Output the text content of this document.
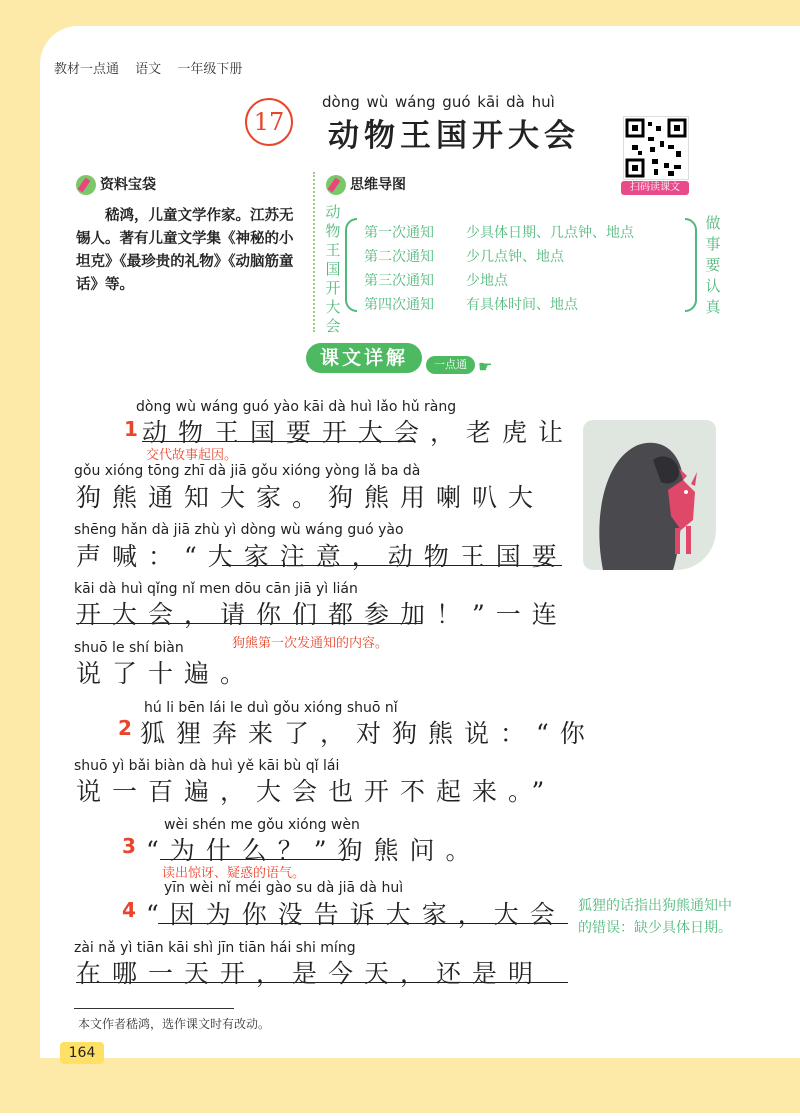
教材一点通 语文 一年级下册
17
dòng wù wáng guó kāi dà huì
动物王国开大会
扫码读课文
资料宝袋
嵇鸿，儿童文学作家。江苏无锡人。著有儿童文学集《神秘的小坦克》《最珍贵的礼物》《动脑筋童话》等。
思维导图
动
物
王
国
开
大
会
第一次通知 少具体日期、几点钟、地点
第二次通知 少几点钟、地点
第三次通知 少地点
第四次通知 有具体时间、地点
做
事
要
认
真
课文详解	一点通 ☛
1
dòng wù wáng guó yào kāi dà huì lǎo hǔ ràng
动物王国要开大会，老虎让
交代故事起因。
gǒu xióng tōng zhī dà jiā gǒu xióng yòng lǎ ba dà
狗熊通知大家。狗熊用喇叭大
shēng hǎn dà jiā zhù yì dòng wù wáng guó yào
声喊：“大家注意，动物王国要
kāi dà huì qǐng nǐ men dōu cān jiā yì lián
开大会，请你们都参加！”一连
狗熊第一次发通知的内容。
shuō le shí biàn
说了十遍。
2
hú li bēn lái le duì gǒu xióng shuō nǐ
狐狸奔来了，对狗熊说：“你
shuō yì bǎi biàn dà huì yě kāi bù qǐ lái
说一百遍，大会也开不起来。”
3
wèi shén me gǒu xióng wèn
“为什么？”狗熊问。
读出惊讶、疑惑的语气。
4
yīn wèi nǐ méi gào su dà jiā dà huì
“因为你没告诉大家，大会
zài nǎ yì tiān kāi shì jīn tiān hái shi míng
在哪一天开，是今天，还是明
狐狸的话指出狗熊通知中的错误：缺少具体日期。
本文作者嵇鸿，选作课文时有改动。
164
